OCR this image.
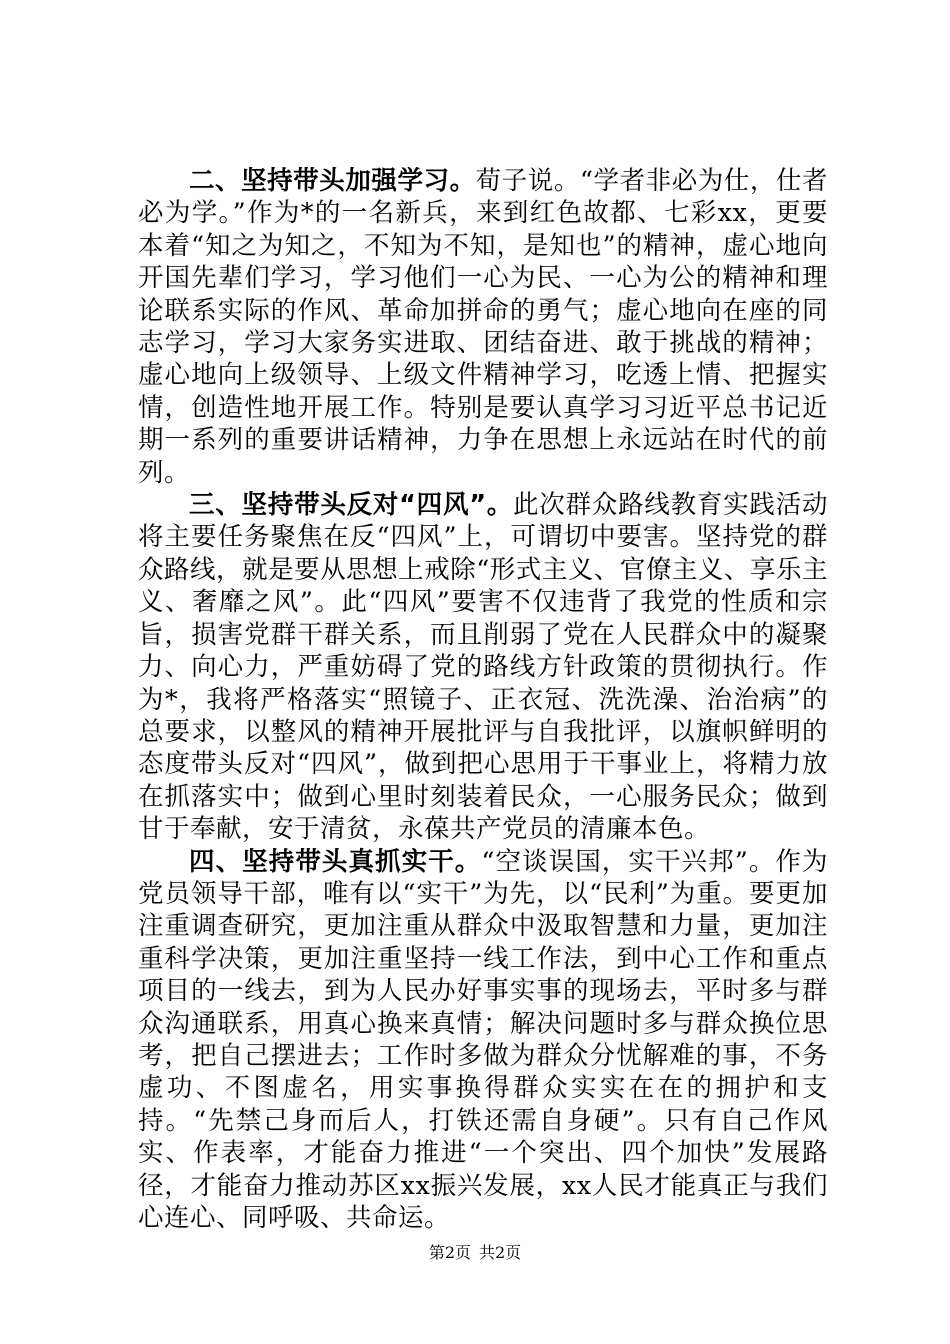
二、坚持带头加强学习。荀子说。“学者非必为仕，仕者必为学。”作为*的一名新兵，来到红色故都、七彩xx，更要本着“知之为知之，不知为不知，是知也”的精神，虚心地向开国先辈们学习，学习他们一心为民、一心为公的精神和理论联系实际的作风、革命加拼命的勇气；虚心地向在座的同志学习，学习大家务实进取、团结奋进、敢于挑战的精神；虚心地向上级领导、上级文件精神学习，吃透上情、把握实情，创造性地开展工作。特别是要认真学习习近平总书记近期一系列的重要讲话精神，力争在思想上永远站在时代的前列。

三、坚持带头反对“四风”。此次群众路线教育实践活动将主要任务聚焦在反“四风”上，可谓切中要害。坚持党的群众路线，就是要从思想上戒除“形式主义、官僚主义、享乐主义、奢靡之风”。此“四风”要害不仅违背了我党的性质和宗旨，损害党群干群关系，而且削弱了党在人民群众中的凝聚力、向心力，严重妨碍了党的路线方针政策的贯彻执行。作为*，我将严格落实“照镜子、正衣冠、洗洗澡、治治病”的总要求，以整风的精神开展批评与自我批评，以旗帜鲜明的态度带头反对“四风”，做到把心思用于干事业上，将精力放在抓落实中；做到心里时刻装着民众，一心服务民众；做到甘于奉献，安于清贫，永葆共产党员的清廉本色。

四、坚持带头真抓实干。“空谈误国，实干兴邦”。作为党员领导干部，唯有以“实干”为先，以“民利”为重。要更加注重调查研究，更加注重从群众中汲取智慧和力量，更加注重科学决策，更加注重坚持一线工作法，到中心工作和重点项目的一线去，到为人民办好事实事的现场去，平时多与群众沟通联系，用真心换来真情；解决问题时多与群众换位思考，把自己摆进去；工作时多做为群众分忧解难的事，不务虚功、不图虚名，用实事换得群众实实在在的拥护和支持。“先禁己身而后人，打铁还需自身硬”。只有自己作风实、作表率，才能奋力推进“一个突出、四个加快”发展路径，才能奋力推动苏区xx振兴发展，xx人民才能真正与我们心连心、同呼吸、共命运。

第2页 共2页
